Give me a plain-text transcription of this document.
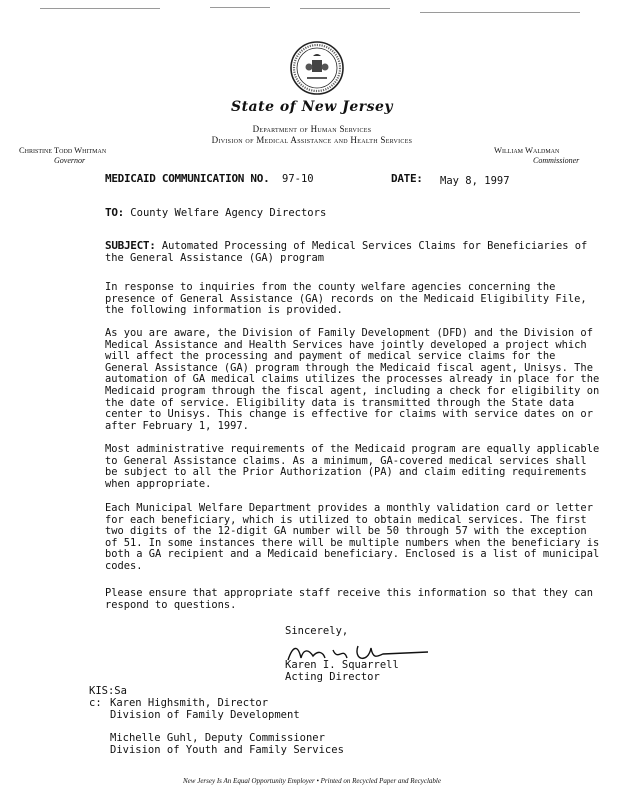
State of New Jersey
Department of Human Services
Division of Medical Assistance and Health Services
Christine Todd Whitman
Governor
William Waldman
Commissioner
MEDICAID COMMUNICATION NO. 97-10	DATE: May 8, 1997
TO: County Welfare Agency Directors
SUBJECT: Automated Processing of Medical Services Claims for Beneficiaries of the General Assistance (GA) program
In response to inquiries from the county welfare agencies concerning the presence of General Assistance (GA) records on the Medicaid Eligibility File, the following information is provided.
As you are aware, the Division of Family Development (DFD) and the Division of Medical Assistance and Health Services have jointly developed a project which will affect the processing and payment of medical service claims for the General Assistance (GA) program through the Medicaid fiscal agent, Unisys. The automation of GA medical claims utilizes the processes already in place for the Medicaid program through the fiscal agent, including a check for eligibility on the date of service. Eligibility data is transmitted through the State data center to Unisys. This change is effective for claims with service dates on or after February 1, 1997.
Most administrative requirements of the Medicaid program are equally applicable to General Assistance claims. As a minimum, GA-covered medical services shall be subject to all the Prior Authorization (PA) and claim editing requirements when appropriate.
Each Municipal Welfare Department provides a monthly validation card or letter for each beneficiary, which is utilized to obtain medical services. The first two digits of the 12-digit GA number will be 50 through 57 with the exception of 51. In some instances there will be multiple numbers when the beneficiary is both a GA recipient and a Medicaid beneficiary. Enclosed is a list of municipal codes.
Please ensure that appropriate staff receive this information so that they can respond to questions.
Sincerely,
Karen I. Squarrell
Acting Director
KIS:Sa
c: Karen Highsmith, Director
Division of Family Development
Michelle Guhl, Deputy Commissioner
Division of Youth and Family Services
New Jersey Is An Equal Opportunity Employer • Printed on Recycled Paper and Recyclable
